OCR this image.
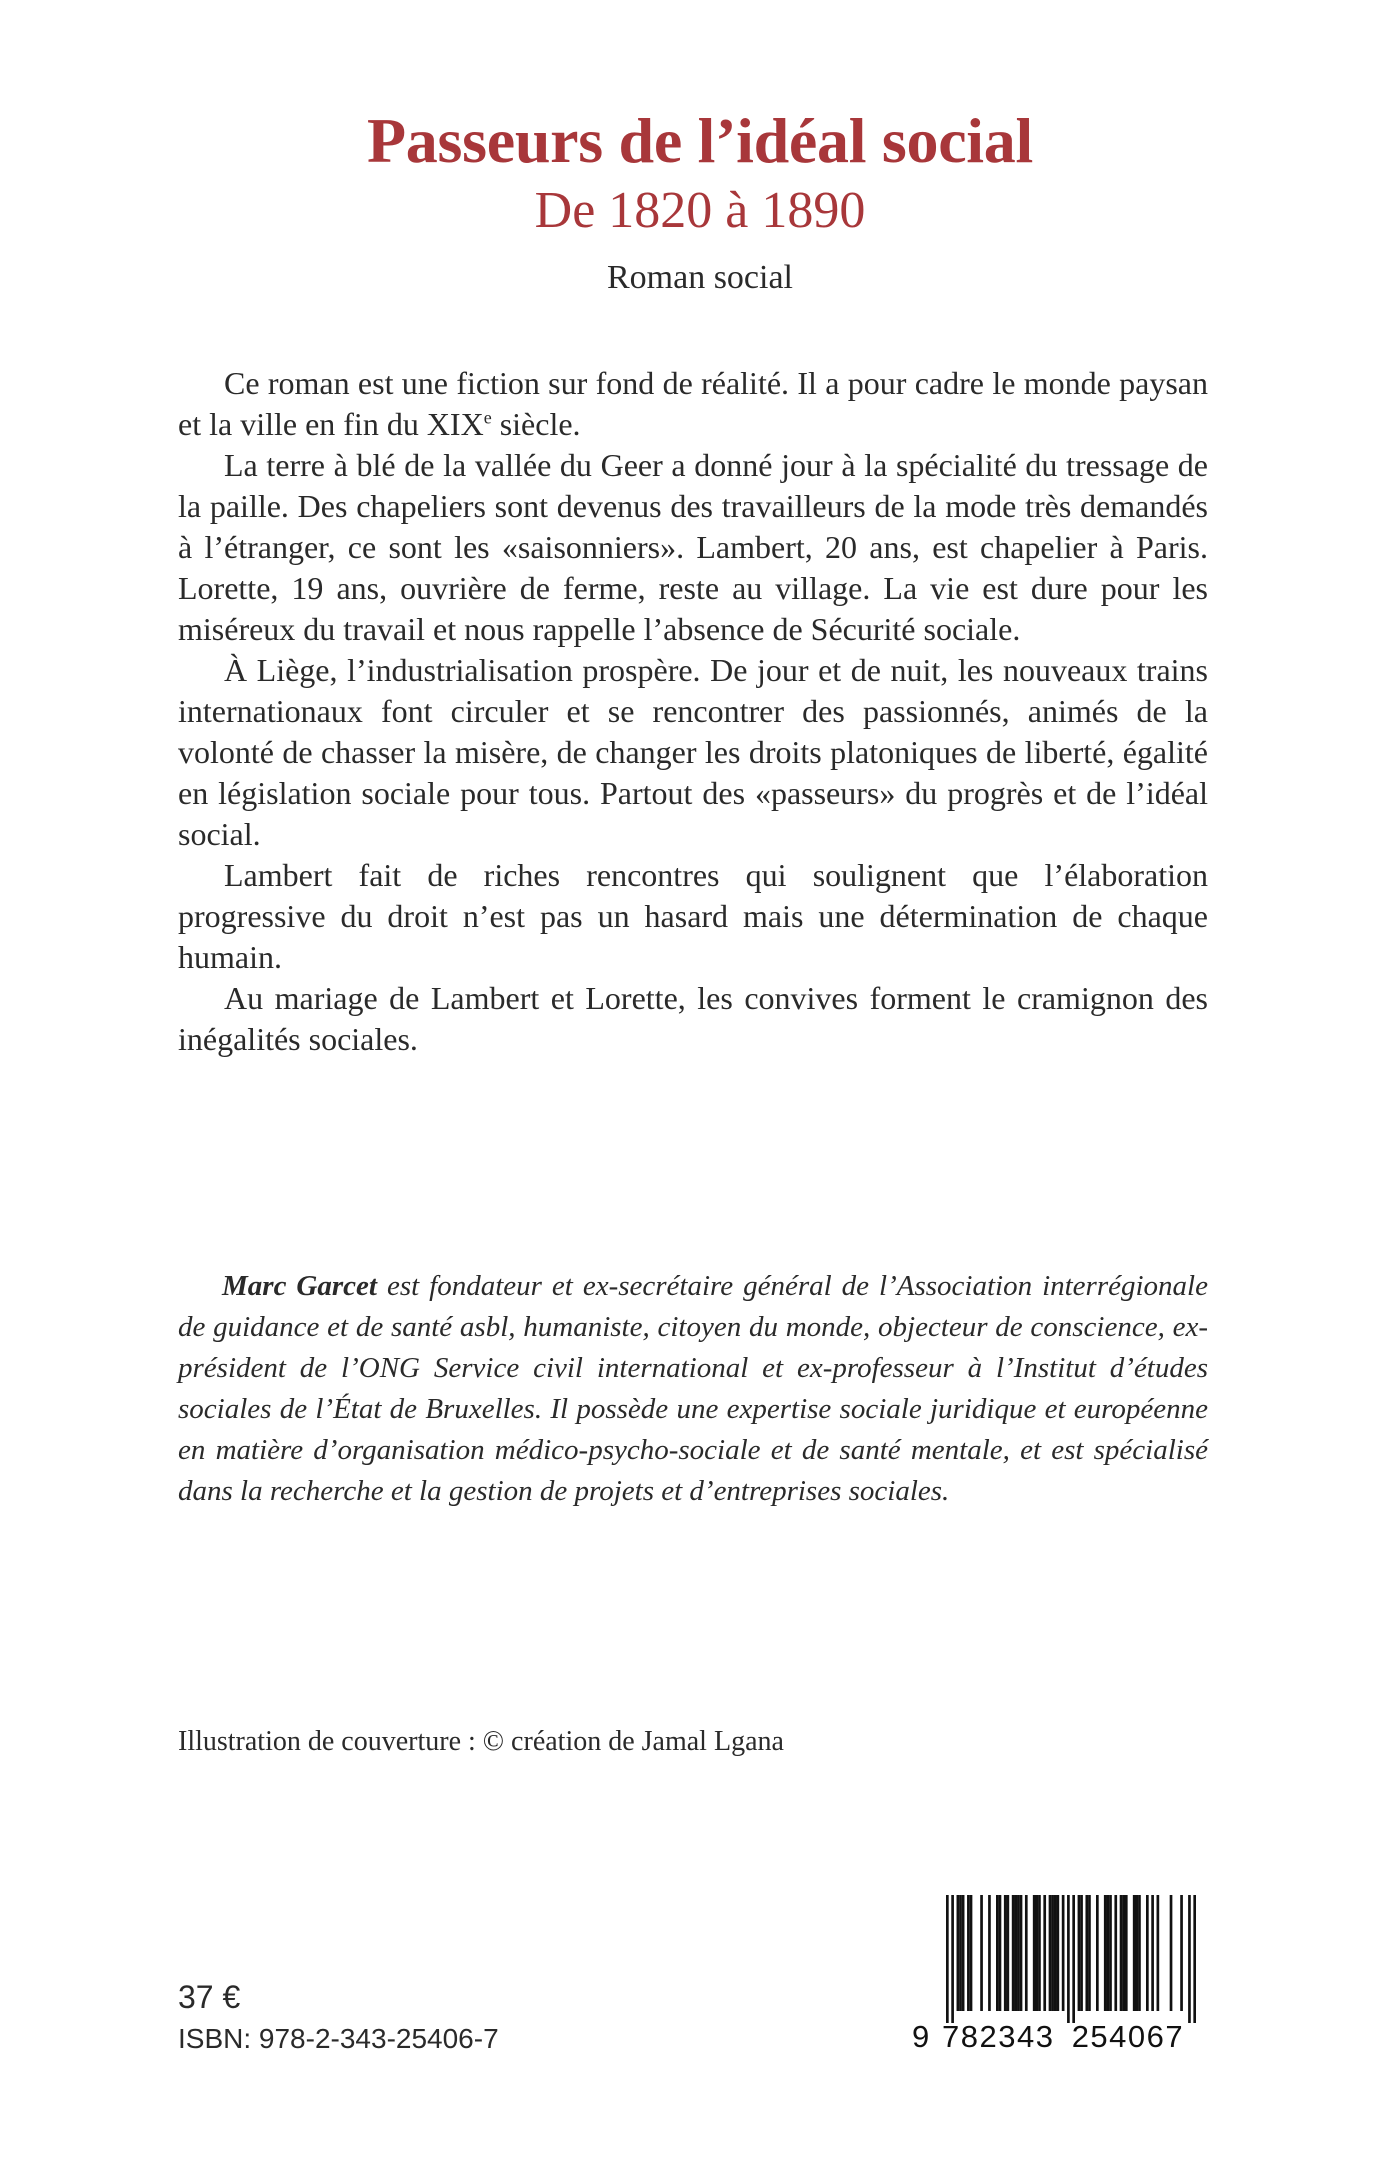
Passeurs de l’idéal social
De 1820 à 1890
Roman social

Ce roman est une fiction sur fond de réalité. Il a pour cadre le monde paysan et la ville en fin du XIXe siècle.

La terre à blé de la vallée du Geer a donné jour à la spécialité du tressage de la paille. Des chapeliers sont devenus des travailleurs de la mode très demandés à l’étranger, ce sont les «saisonniers». Lambert, 20 ans, est chapelier à Paris. Lorette, 19 ans, ouvrière de ferme, reste au village. La vie est dure pour les miséreux du travail et nous rappelle l’absence de Sécurité sociale.

À Liège, l’industrialisation prospère. De jour et de nuit, les nouveaux trains internationaux font circuler et se rencontrer des passionnés, animés de la volonté de chasser la misère, de changer les droits platoniques de liberté, égalité en législation sociale pour tous. Partout des «passeurs» du progrès et de l’idéal social.

Lambert fait de riches rencontres qui soulignent que l’élaboration progressive du droit n’est pas un hasard mais une détermination de chaque humain.

Au mariage de Lambert et Lorette, les convives forment le cramignon des inégalités sociales.

Marc Garcet est fondateur et ex-secrétaire général de l’Association interrégionale de guidance et de santé asbl, humaniste, citoyen du monde, objecteur de conscience, ex-président de l’ONG Service civil international et ex-professeur à l’Institut d’études sociales de l’État de Bruxelles. Il possède une expertise sociale juridique et européenne en matière d’organisation médico-psycho-sociale et de santé mentale, et est spécialisé dans la recherche et la gestion de projets et d’entreprises sociales.

Illustration de couverture : © création de Jamal Lgana
37 €
ISBN: 978-2-343-25406-7	9 782343 254067
